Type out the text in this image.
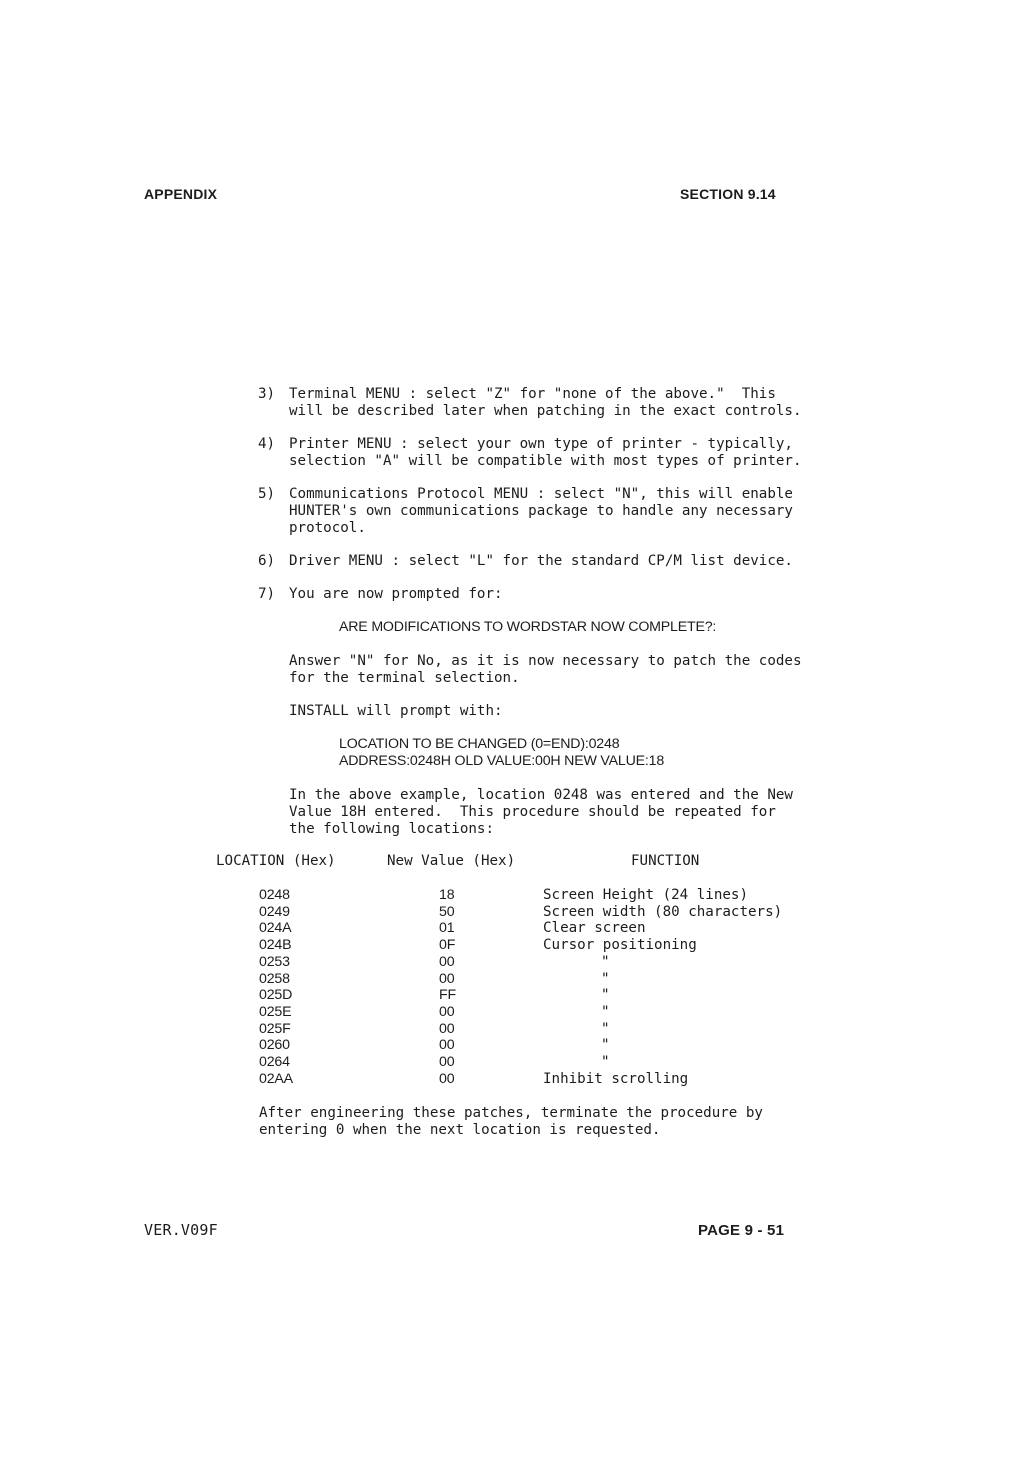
APPENDIX	SECTION 9.14
3) Terminal MENU : select "Z" for "none of the above."  This
will be described later when patching in the exact controls.
4) Printer MENU : select your own type of printer - typically,
selection "A" will be compatible with most types of printer.
5) Communications Protocol MENU : select "N", this will enable
HUNTER's own communications package to handle any necessary
protocol.
6) Driver MENU : select "L" for the standard CP/M list device.
7) You are now prompted for:
ARE MODIFICATIONS TO WORDSTAR NOW COMPLETE?:
Answer "N" for No, as it is now necessary to patch the codes
for the terminal selection.
INSTALL will prompt with:
LOCATION TO BE CHANGED (0=END):0248
ADDRESS:0248H OLD VALUE:00H NEW VALUE:18
In the above example, location 0248 was entered and the New
Value 18H entered.  This procedure should be repeated for
the following locations:
LOCATION (Hex)	New Value (Hex)	FUNCTION
0248	18	Screen Height (24 lines)
0249	50	Screen width (80 characters)
024A	01	Clear screen
024B	0F	Cursor positioning
0253	00	"
0258	00	"
025D	FF	"
025E	00	"
025F	00	"
0260	00	"
0264	00	"
02AA	00	Inhibit scrolling
After engineering these patches, terminate the procedure by
entering 0 when the next location is requested.
VER.V09F	PAGE 9 - 51
